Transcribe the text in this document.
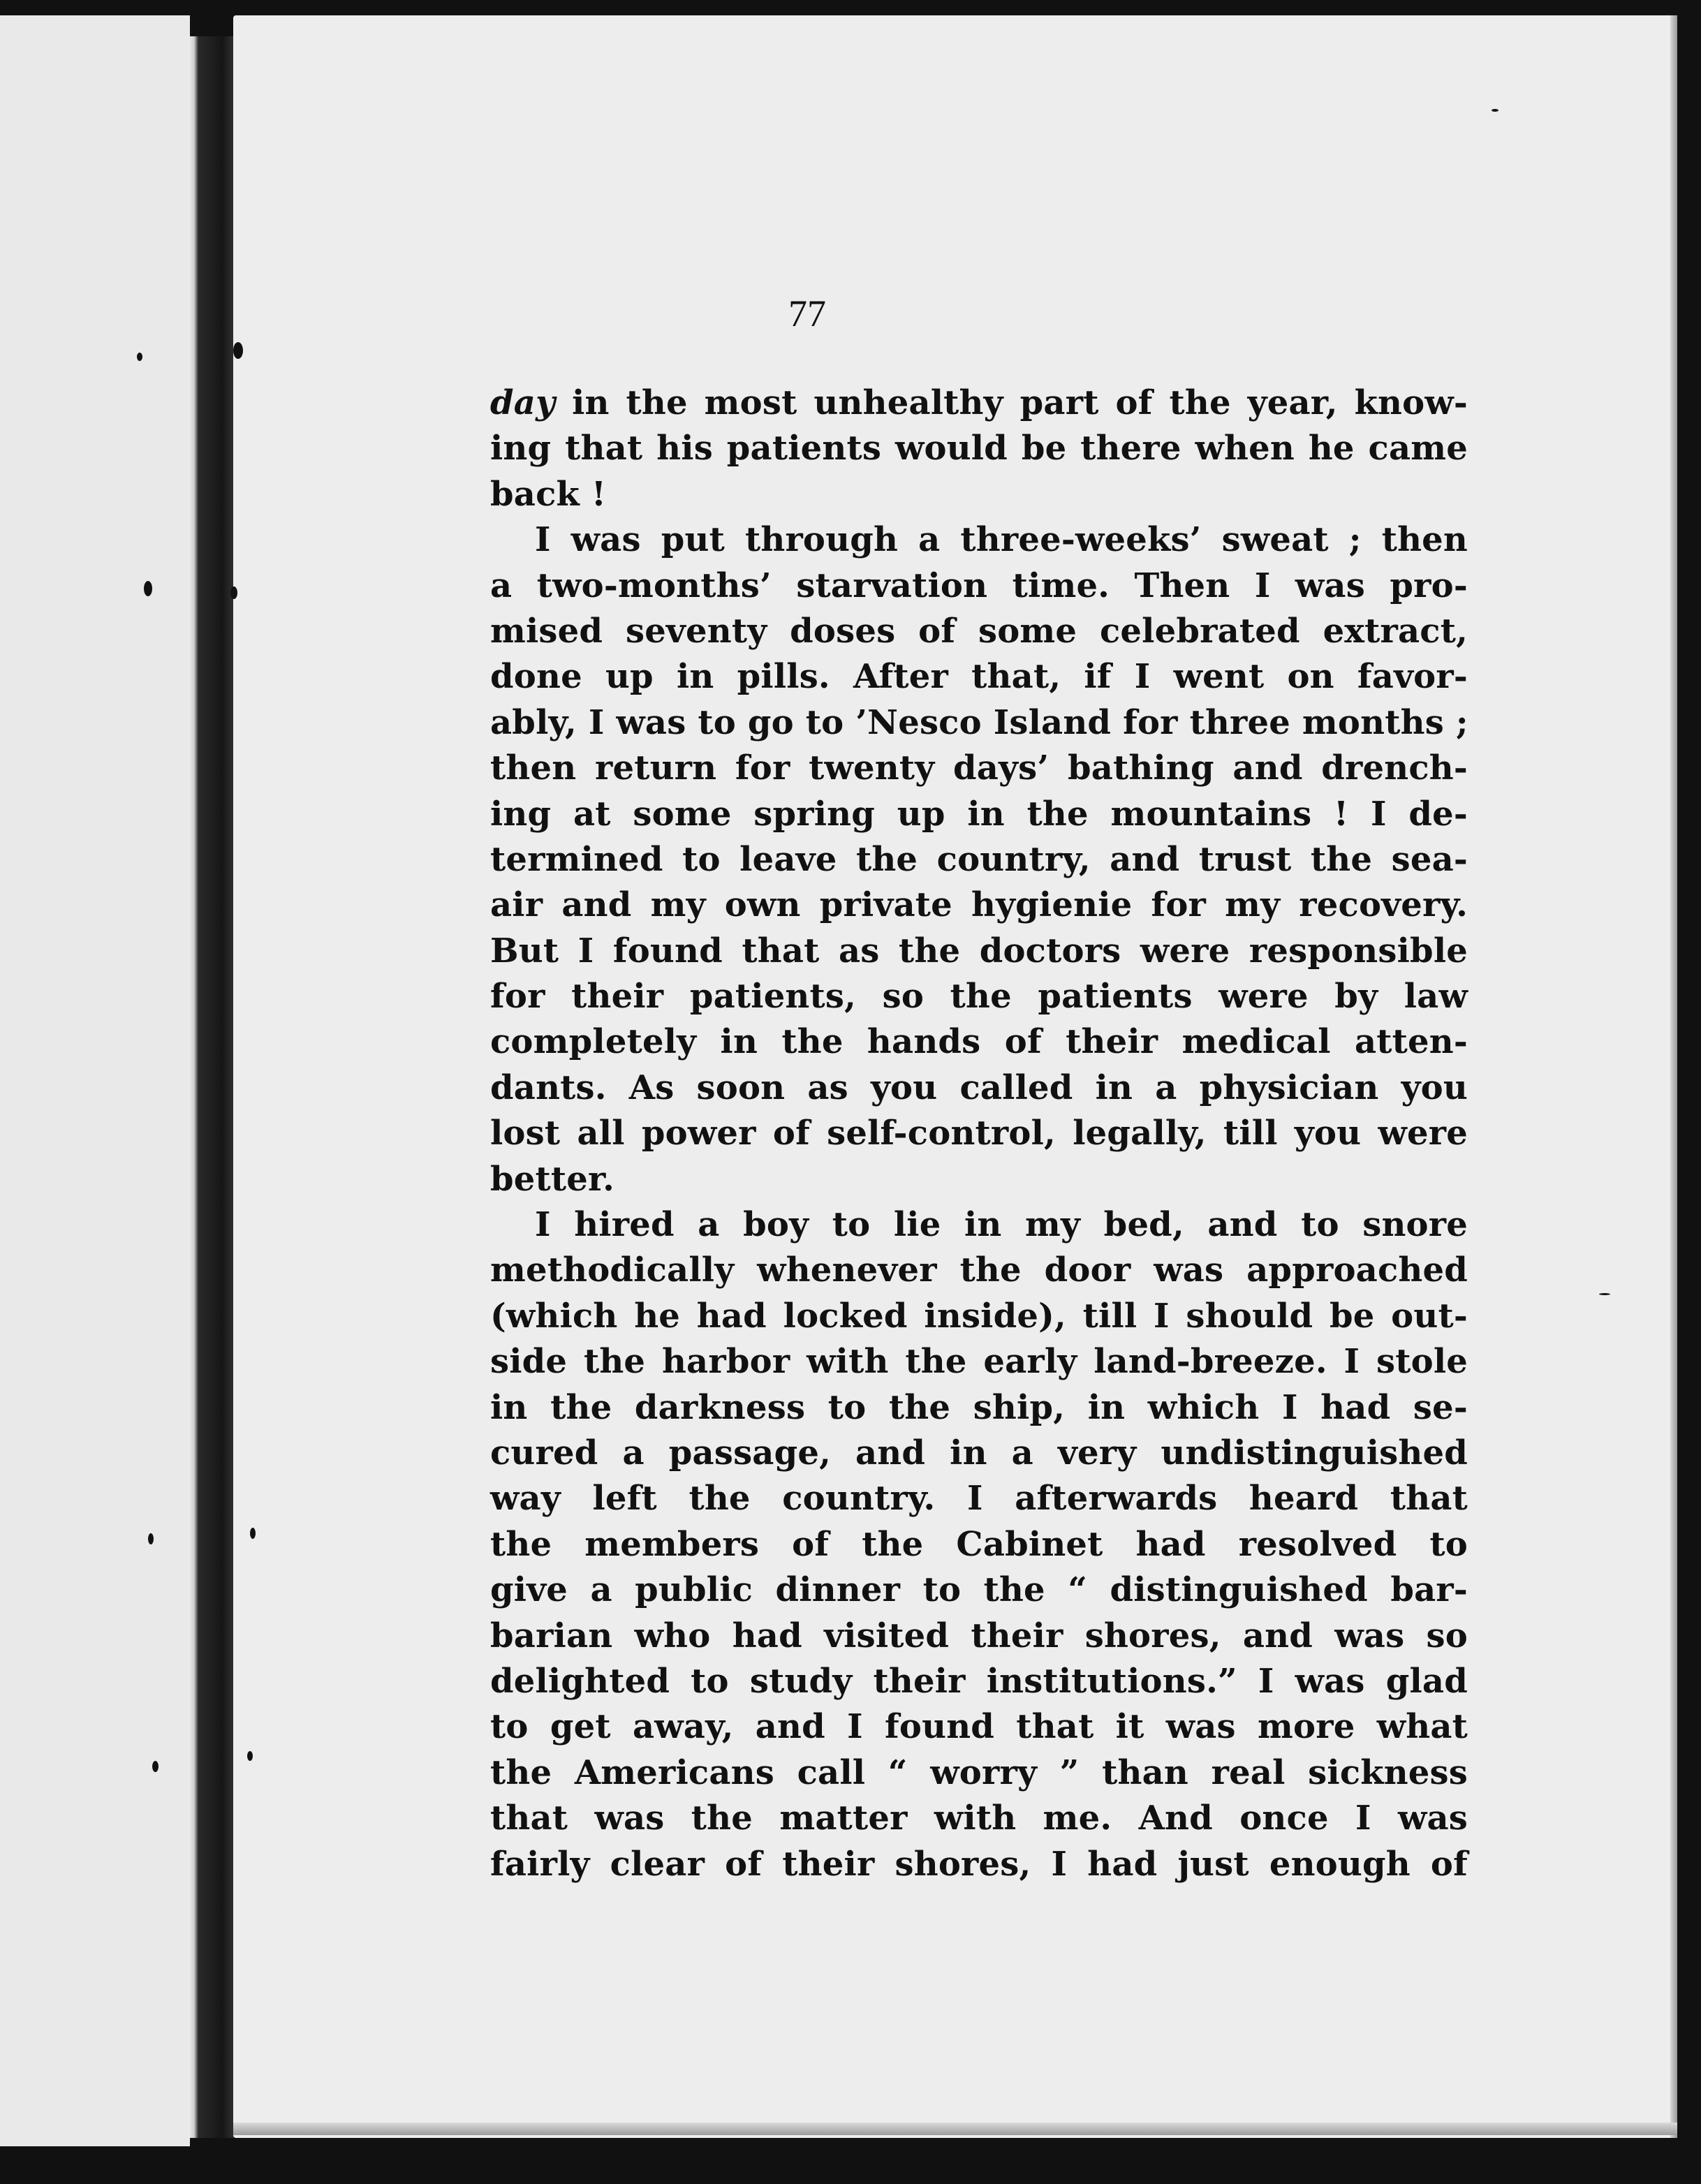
77
day in the most unhealthy part of the year, know-
ing that his patients would be there when he came
back !
I was put through a three-weeks’ sweat ; then
a two-months’ starvation time. Then I was pro-
mised seventy doses of some celebrated extract,
done up in pills. After that, if I went on favor-
ably, I was to go to ’Nesco Island for three months ;
then return for twenty days’ bathing and drench-
ing at some spring up in the mountains ! I de-
termined to leave the country, and trust the sea-
air and my own private hygienie for my recovery.
But I found that as the doctors were responsible
for their patients, so the patients were by law
completely in the hands of their medical atten-
dants. As soon as you called in a physician you
lost all power of self-control, legally, till you were
better.
I hired a boy to lie in my bed, and to snore
methodically whenever the door was approached
(which he had locked inside), till I should be out-
side the harbor with the early land-breeze. I stole
in the darkness to the ship, in which I had se-
cured a passage, and in a very undistinguished
way left the country. I afterwards heard that
the members of the Cabinet had resolved to
give a public dinner to the “ distinguished bar-
barian who had visited their shores, and was so
delighted to study their institutions.” I was glad
to get away, and I found that it was more what
the Americans call “ worry ” than real sickness
that was the matter with me. And once I was
fairly clear of their shores, I had just enough of
